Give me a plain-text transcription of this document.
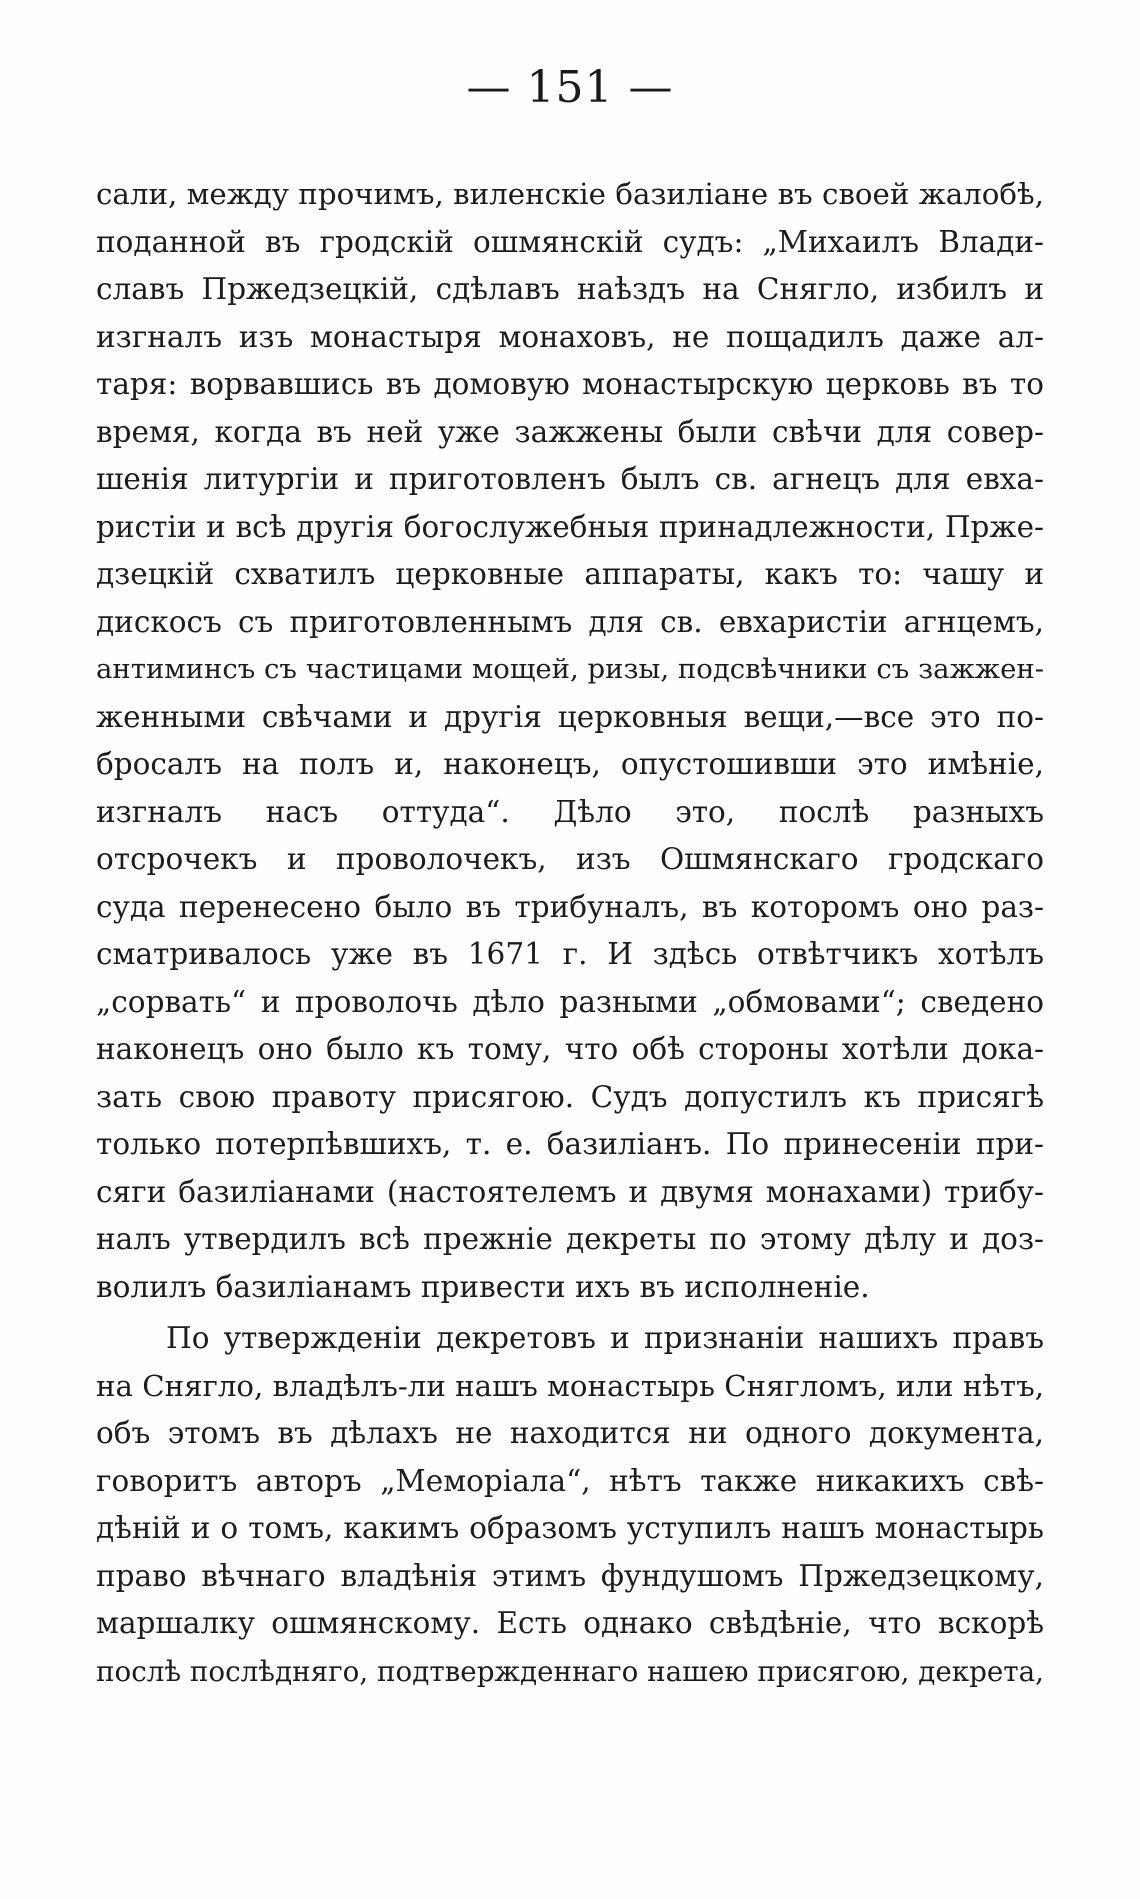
— 151 —
сали, между прочимъ, виленскіе базиліане въ своей жалобѣ,
поданной въ гродскій ошмянскій судъ: „Михаилъ Влади-
славъ Пржедзецкій, сдѣлавъ наѣздъ на Сняглo, избилъ и
изгналъ изъ монастыря монаховъ, не пощадилъ даже ал-
таря: ворвавшись въ домовую монастырскую церковь въ то
время, когда въ ней уже зажжены были свѣчи для совер-
шенія литургіи и приготовленъ былъ св. агнецъ для евха-
ристіи и всѣ другія богослужебныя принадлежности, Прже-
дзецкій схватилъ церковные аппараты, какъ то: чашу и
дискосъ съ приготовленнымъ для св. евхаристіи агнцемъ,
антиминсъ съ частицами мощей, ризы, подсвѣчники съ зажжен-
женными свѣчами и другія церковныя вещи,—все это по-
бросалъ на полъ и, наконецъ, опустошивши это имѣніе,
изгналъ насъ оттуда“. Дѣло это, послѣ разныхъ
отсрочекъ и проволочекъ, изъ Ошмянскаго гродскаго
суда перенесено было въ трибуналъ, въ которомъ оно раз-
сматривалось уже въ 1671 г. И здѣсь отвѣтчикъ хотѣлъ
„сорвать“ и проволочь дѣло разными „обмовами“; сведено
наконецъ оно было къ тому, что обѣ стороны хотѣли дока-
зать свою правоту присягою. Судъ допустилъ къ присягѣ
только потерпѣвшихъ, т. е. базиліанъ. По принесеніи при-
сяги базиліанами (настоятелемъ и двумя монахами) трибу-
налъ утвердилъ всѣ прежніе декреты по этому дѣлу и доз-
волилъ базиліанамъ привести ихъ въ исполненіе.
По утвержденіи декретовъ и признаніи нашихъ правъ
на Сняглo, владѣлъ-ли нашъ монастырь Снягломъ, или нѣтъ,
объ этомъ въ дѣлахъ не находится ни одного документа,
говоритъ авторъ „Меморіала“, нѣтъ также никакихъ свѣ-
дѣній и о томъ, какимъ образомъ уступилъ нашъ монастырь
право вѣчнаго владѣнія этимъ фундушомъ Пржедзецкому,
маршалку ошмянскому. Есть однако свѣдѣніе, что вскорѣ
послѣ послѣдняго, подтвержденнаго нашею присягою, декрета,
